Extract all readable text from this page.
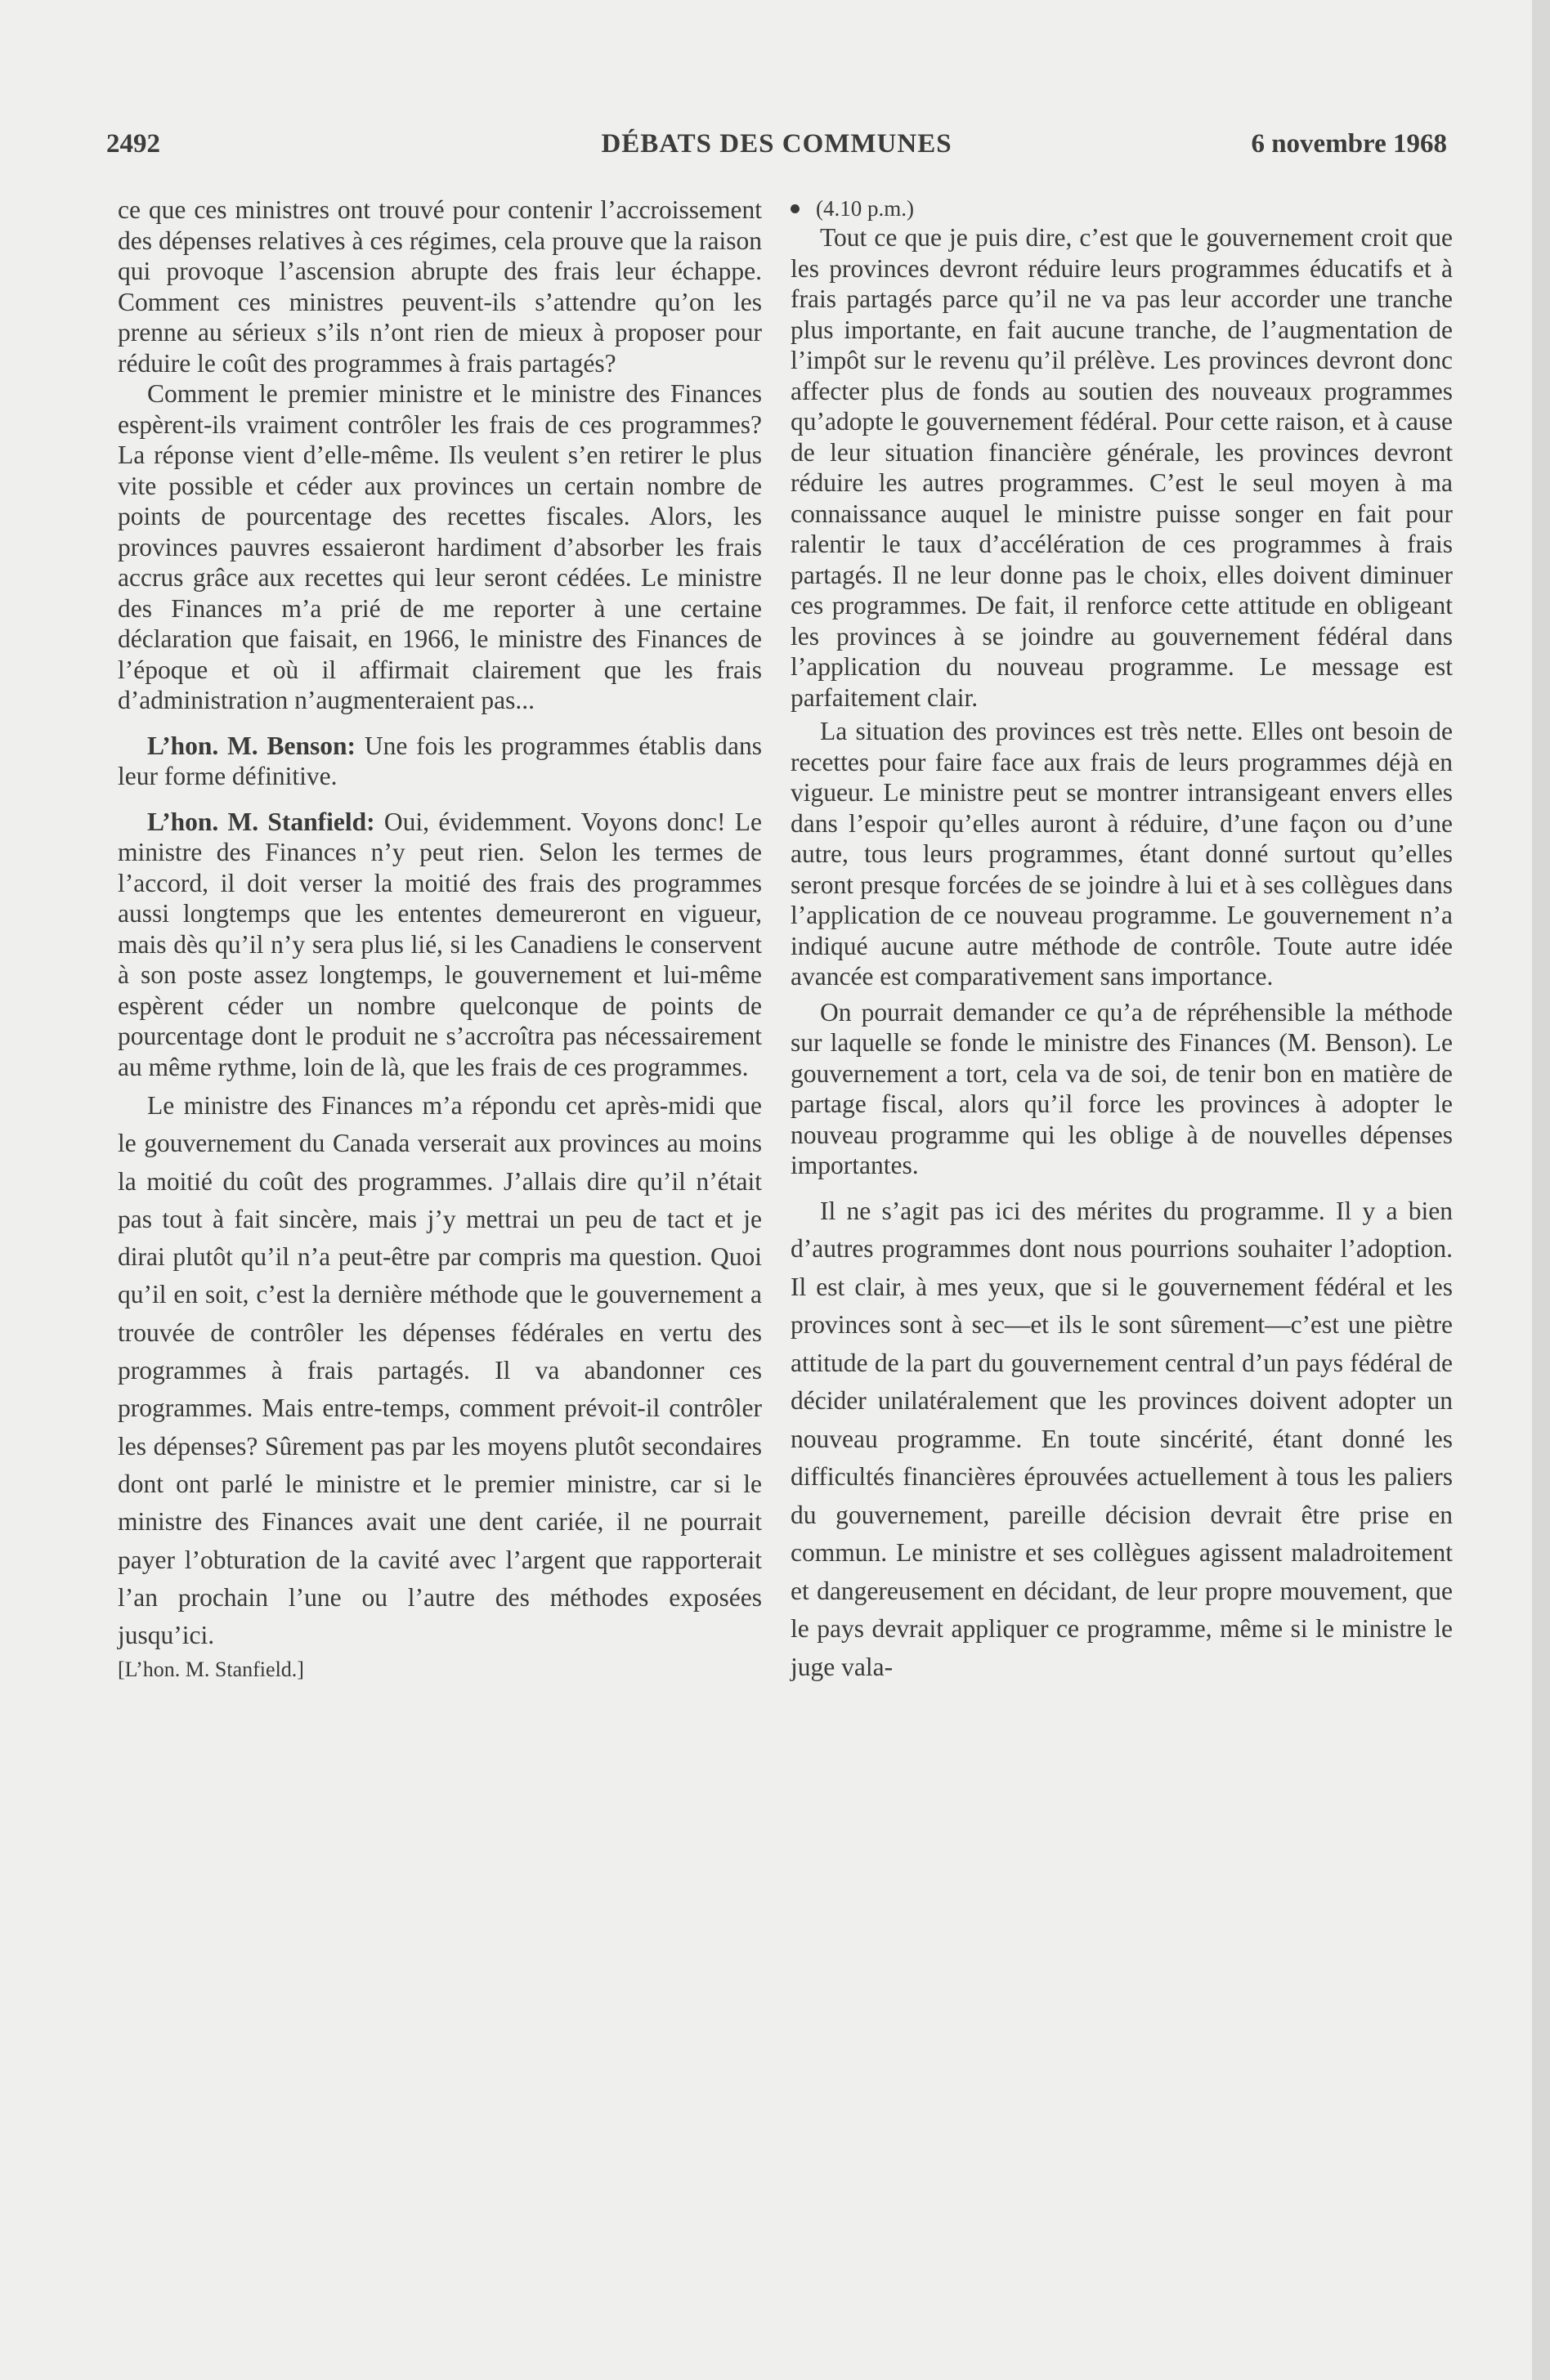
2492	DÉBATS DES COMMUNES	6 novembre 1968

ce que ces ministres ont trouvé pour contenir l’accroissement des dépenses relatives à ces régimes, cela prouve que la raison qui provoque l’ascension abrupte des frais leur échappe. Comment ces ministres peuvent-ils s’attendre qu’on les prenne au sérieux s’ils n’ont rien de mieux à proposer pour réduire le coût des programmes à frais partagés?

Comment le premier ministre et le ministre des Finances espèrent-ils vraiment contrôler les frais de ces programmes? La réponse vient d’elle-même. Ils veulent s’en retirer le plus vite possible et céder aux provinces un certain nombre de points de pourcentage des recettes fiscales. Alors, les provinces pauvres essaieront hardiment d’absorber les frais accrus grâce aux recettes qui leur seront cédées. Le ministre des Finances m’a prié de me reporter à une certaine déclaration que faisait, en 1966, le ministre des Finances de l’époque et où il affirmait clairement que les frais d’administration n’augmenteraient pas...

L’hon. M. Benson: Une fois les programmes établis dans leur forme définitive.

L’hon. M. Stanfield: Oui, évidemment. Voyons donc! Le ministre des Finances n’y peut rien. Selon les termes de l’accord, il doit verser la moitié des frais des programmes aussi longtemps que les ententes demeureront en vigueur, mais dès qu’il n’y sera plus lié, si les Canadiens le conservent à son poste assez longtemps, le gouvernement et lui-même espèrent céder un nombre quelconque de points de pourcentage dont le produit ne s’accroîtra pas nécessairement au même rythme, loin de là, que les frais de ces programmes.

Le ministre des Finances m’a répondu cet après-midi que le gouvernement du Canada verserait aux provinces au moins la moitié du coût des programmes. J’allais dire qu’il n’était pas tout à fait sincère, mais j’y mettrai un peu de tact et je dirai plutôt qu’il n’a peut-être par compris ma question. Quoi qu’il en soit, c’est la dernière méthode que le gouvernement a trouvée de contrôler les dépenses fédérales en vertu des programmes à frais partagés. Il va abandonner ces programmes. Mais entre-temps, comment prévoit-il contrôler les dépenses? Sûrement pas par les moyens plutôt secondaires dont ont parlé le ministre et le premier ministre, car si le ministre des Finances avait une dent cariée, il ne pourrait payer l’obturation de la cavité avec l’argent que rapporterait l’an prochain l’une ou l’autre des méthodes exposées jusqu’ici.

[L’hon. M. Stanfield.]

(4.10 p.m.)

Tout ce que je puis dire, c’est que le gouvernement croit que les provinces devront réduire leurs programmes éducatifs et à frais partagés parce qu’il ne va pas leur accorder une tranche plus importante, en fait aucune tranche, de l’augmentation de l’impôt sur le revenu qu’il prélève. Les provinces devront donc affecter plus de fonds au soutien des nouveaux programmes qu’adopte le gouvernement fédéral. Pour cette raison, et à cause de leur situation financière générale, les provinces devront réduire les autres programmes. C’est le seul moyen à ma connaissance auquel le ministre puisse songer en fait pour ralentir le taux d’accélération de ces programmes à frais partagés. Il ne leur donne pas le choix, elles doivent diminuer ces programmes. De fait, il renforce cette attitude en obligeant les provinces à se joindre au gouvernement fédéral dans l’application du nouveau programme. Le message est parfaitement clair.

La situation des provinces est très nette. Elles ont besoin de recettes pour faire face aux frais de leurs programmes déjà en vigueur. Le ministre peut se montrer intransigeant envers elles dans l’espoir qu’elles auront à réduire, d’une façon ou d’une autre, tous leurs programmes, étant donné surtout qu’elles seront presque forcées de se joindre à lui et à ses collègues dans l’application de ce nouveau programme. Le gouvernement n’a indiqué aucune autre méthode de contrôle. Toute autre idée avancée est comparativement sans importance.

On pourrait demander ce qu’a de répréhensible la méthode sur laquelle se fonde le ministre des Finances (M. Benson). Le gouvernement a tort, cela va de soi, de tenir bon en matière de partage fiscal, alors qu’il force les provinces à adopter le nouveau programme qui les oblige à de nouvelles dépenses importantes.

Il ne s’agit pas ici des mérites du programme. Il y a bien d’autres programmes dont nous pourrions souhaiter l’adoption. Il est clair, à mes yeux, que si le gouvernement fédéral et les provinces sont à sec—et ils le sont sûrement—c’est une piètre attitude de la part du gouvernement central d’un pays fédéral de décider unilatéralement que les provinces doivent adopter un nouveau programme. En toute sincérité, étant donné les difficultés financières éprouvées actuellement à tous les paliers du gouvernement, pareille décision devrait être prise en commun. Le ministre et ses collègues agissent maladroitement et dangereusement en décidant, de leur propre mouvement, que le pays devrait appliquer ce programme, même si le ministre le juge vala-
